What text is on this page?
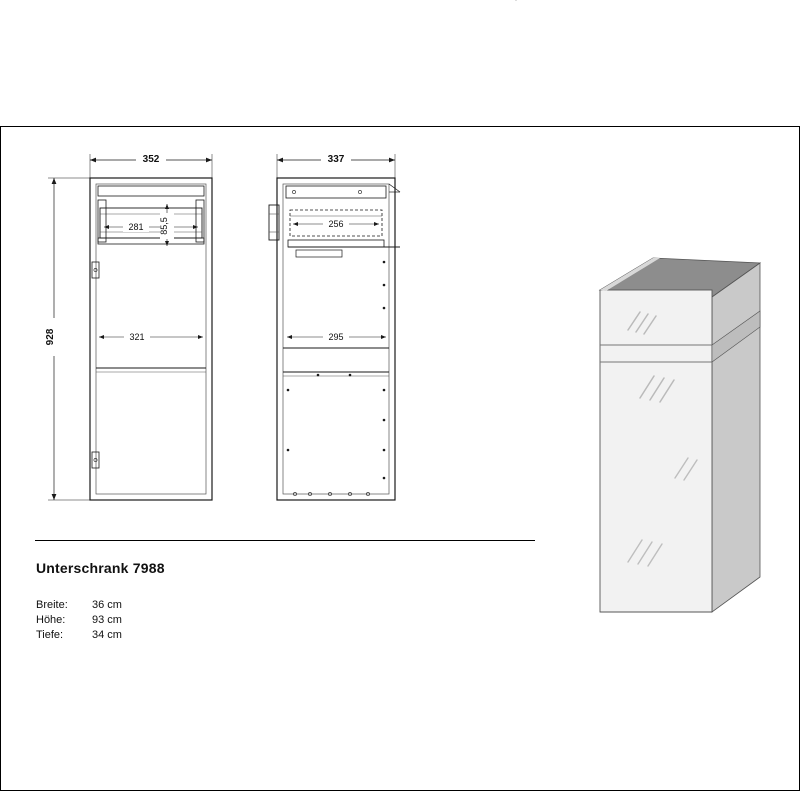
352
928
281 85,5
321
337
256
295
Unterschrank 7988
Breite: 36 cm
Höhe: 93 cm
Tiefe:	34 cm
